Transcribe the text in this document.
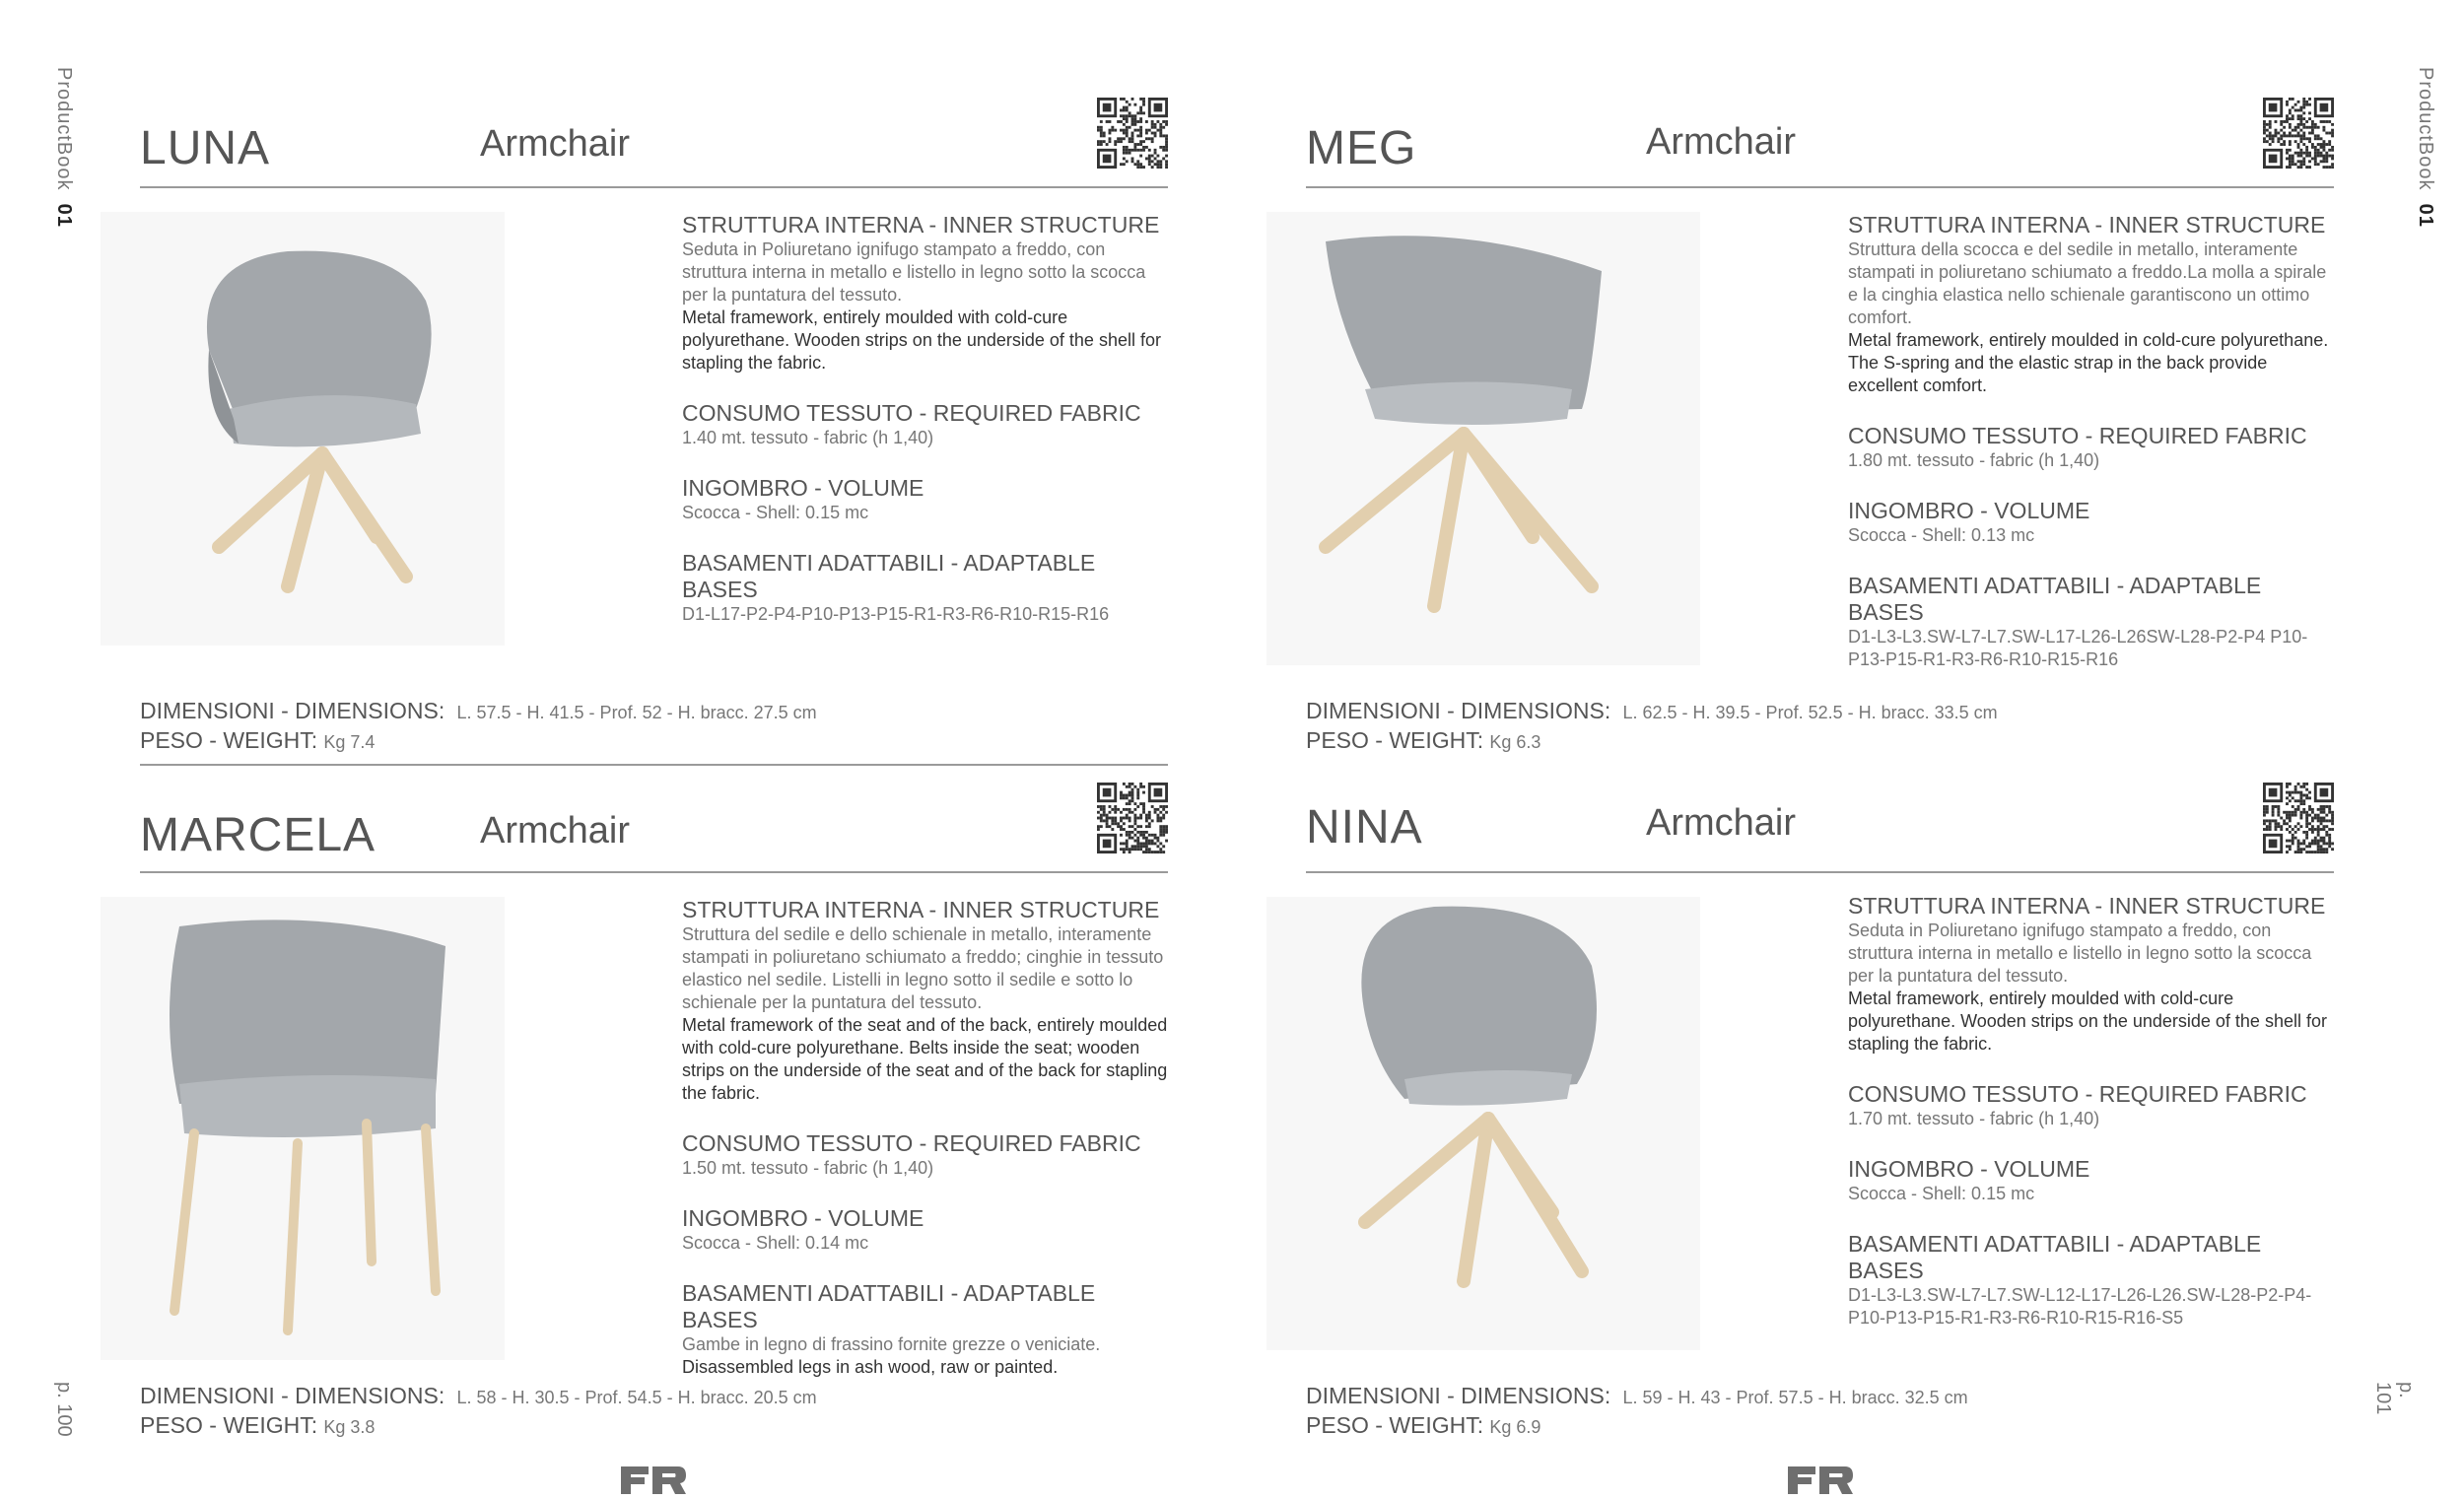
ProductBook  01
ProductBook  01
p. 100	p. 101
LUNA	Armchair
STRUTTURA INTERNA - INNER STRUCTURE
Seduta in Poliuretano ignifugo stampato a freddo, con struttura interna in metallo e listello in legno sotto la scocca per la puntatura del tessuto.
Metal framework, entirely moulded with cold-cure polyurethane. Wooden strips on the underside of the shell for stapling the fabric.
CONSUMO TESSUTO - REQUIRED FABRIC
1.40 mt. tessuto - fabric (h 1,40)
INGOMBRO - VOLUME
Scocca - Shell: 0.15 mc
BASAMENTI ADATTABILI - ADAPTABLE BASES
D1-L17-P2-P4-P10-P13-P15-R1-R3-R6-R10-R15-R16
DIMENSIONI - DIMENSIONS: L. 57.5 - H. 41.5 - Prof. 52 - H. bracc. 27.5 cm
PESO - WEIGHT: Kg 7.4
MEG	Armchair
STRUTTURA INTERNA - INNER STRUCTURE
Struttura della scocca e del sedile in metallo, interamente stampati in poliuretano schiumato a freddo.La molla a spirale e la cinghia elastica nello schienale garantiscono un ottimo comfort.
Metal framework, entirely moulded in cold-cure polyurethane. The S-spring and the elastic strap in the back provide excellent comfort.
CONSUMO TESSUTO - REQUIRED FABRIC
1.80 mt. tessuto - fabric (h 1,40)
INGOMBRO - VOLUME
Scocca - Shell: 0.13 mc
BASAMENTI ADATTABILI - ADAPTABLE BASES
D1-L3-L3.SW-L7-L7.SW-L17-L26-L26SW-L28-P2-P4 P10-P13-P15-R1-R3-R6-R10-R15-R16
DIMENSIONI - DIMENSIONS: L. 62.5 - H. 39.5 - Prof. 52.5 - H. bracc. 33.5 cm
PESO - WEIGHT: Kg 6.3
MARCELA	Armchair
STRUTTURA INTERNA - INNER STRUCTURE
Struttura del sedile e dello schienale in metallo, interamente stampati in poliuretano schiumato a freddo; cinghie in tessuto elastico nel sedile. Listelli in legno sotto il sedile e sotto lo schienale per la puntatura del tessuto.
Metal framework of the seat and of the back, entirely moulded with cold-cure polyurethane. Belts inside the seat; wooden strips on the underside of the seat and of the back for stapling the fabric.
CONSUMO TESSUTO - REQUIRED FABRIC
1.50 mt. tessuto - fabric (h 1,40)
INGOMBRO - VOLUME
Scocca - Shell: 0.14 mc
BASAMENTI ADATTABILI - ADAPTABLE BASES
Gambe in legno di frassino fornite grezze o veniciate.
Disassembled legs in ash wood, raw or painted.
DIMENSIONI - DIMENSIONS: L. 58 - H. 30.5 - Prof. 54.5 - H. bracc. 20.5 cm
PESO - WEIGHT: Kg 3.8
NINA	Armchair
STRUTTURA INTERNA - INNER STRUCTURE
Seduta in Poliuretano ignifugo stampato a freddo, con struttura interna in metallo e listello in legno sotto la scocca per la puntatura del tessuto.
Metal framework, entirely moulded with cold-cure polyurethane. Wooden strips on the underside of the shell for stapling the fabric.
CONSUMO TESSUTO - REQUIRED FABRIC
1.70 mt. tessuto - fabric (h 1,40)
INGOMBRO - VOLUME
Scocca - Shell: 0.15 mc
BASAMENTI ADATTABILI - ADAPTABLE BASES
D1-L3-L3.SW-L7-L7.SW-L12-L17-L26-L26.SW-L28-P2-P4-P10-P13-P15-R1-R3-R6-R10-R15-R16-S5
DIMENSIONI - DIMENSIONS: L. 59 - H. 43 - Prof. 57.5 - H. bracc. 32.5 cm
PESO - WEIGHT: Kg 6.9
